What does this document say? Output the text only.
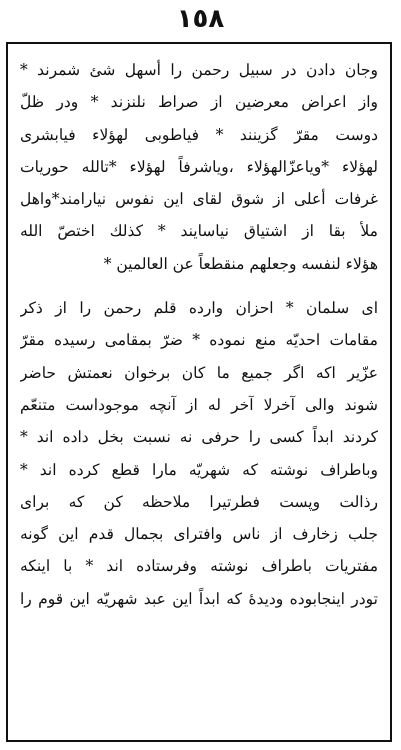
١٥٨
وجان دادن در سبیل رحمن را أسهل شئ شمرند *
واز اعراض معرضین از صراط نلنزند * ودر ظلّ
دوست مقرّ گزینند * فیاطوبی لهؤلاء فیابشری
لهؤلاء *ویاعزّالهؤلاء ،ویاشرفاً لهؤلاء *تالله حوریات
غرفات أعلی از شوق لقای این نفوس نیارامند*واهل
ملأ بقا از اشتیاق نیاسایند * کذلك اختصّ الله
هؤلاء لنفسه وجعلهم منقطعاً عن العالمین *
ای سلمان * احزان وارده قلم رحمن را از ذکر
مقامات احدیّه منع نموده * ضرّ بمقامی رسیده مقرّ
عزّیر اکه اگر جمیع ما کان برخوان نعمتش حاضر
شوند والی آخرلا آخر له از آنچه موجوداست متنعّم
کردند ابداً کسی را حرفی نه نسبت بخل داده اند *
وباطراف نوشته که شهریّه مارا قطع کرده اند *
رذالت وپست فطرتیرا ملاحظه کن که برای
جلب زخارف از ناس وافترای بجمال قدم این گونه
مفتریات باطراف نوشته وفرستاده اند * با اینکه
تودر اینجابوده ودیدهٔ که ابداً این عبد شهریّه این قوم را
